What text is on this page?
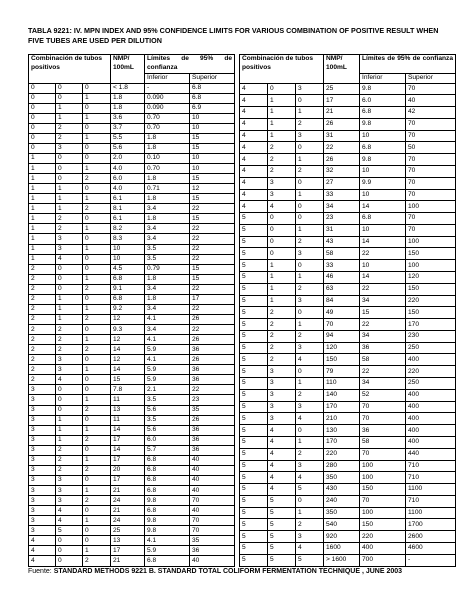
TABLA 9221: IV. MPN INDEX AND 95% CONFIDENCE LIMITS FOR VARIOUS COMBINATION OF POSITIVE RESULT WHEN FIVE TUBES ARE USED PER DILUTION
Combinación de tubos positivos			NMP/ 100mL	Límites de 95% de confianza	
				Inferior	Superior
0	0	0	< 1.8	-	6.8
0	0	1	1.8	0.090	6.8
0	1	0	1.8	0.090	6.9
0	1	1	3.6	0.70	10
0	2	0	3.7	0.70	10
0	2	1	5.5	1.8	15
0	3	0	5.6	1.8	15
1	0	0	2.0	0.10	10
1	0	1	4.0	0.70	10
1	0	2	6.0	1.8	15
1	1	0	4.0	0.71	12
1	1	1	6.1	1.8	15
1	1	2	8.1	3.4	22
1	2	0	6.1	1.8	15
1	2	1	8.2	3.4	22
1	3	0	8.3	3.4	22
1	3	1	10	3.5	22
1	4	0	10	3.5	22
2	0	0	4.5	0.79	15
2	0	1	6.8	1.8	15
2	0	2	9.1	3.4	22
2	1	0	6.8	1.8	17
2	1	1	9.2	3.4	22
2	1	2	12	4.1	26
2	2	0	9.3	3.4	22
2	2	1	12	4.1	26
2	2	2	14	5.9	36
2	3	0	12	4.1	26
2	3	1	14	5.9	36
2	4	0	15	5.9	36
3	0	0	7.8	2.1	22
3	0	1	11	3.5	23
3	0	2	13	5.6	35
3	1	0	11	3.5	26
3	1	1	14	5.6	36
3	1	2	17	6.0	36
3	2	0	14	5.7	36
3	2	1	17	6.8	40
3	2	2	20	6.8	40
3	3	0	17	6.8	40
3	3	1	21	6.8	40
3	3	2	24	9.8	70
3	4	0	21	6.8	40
3	4	1	24	9.8	70
3	5	0	25	9.8	70
4	0	0	13	4.1	35
4	0	1	17	5.9	36
4	0	2	21	6.8	40
Combinación de tubos positivos			NMP/ 100mL	Límites de 95% de confianza	
				Inferior	Superior
4	0	3	25	9.8	70
4	1	0	17	6.0	40
4	1	1	21	6.8	42
4	1	2	26	9.8	70
4	1	3	31	10	70
4	2	0	22	6.8	50
4	2	1	26	9.8	70
4	2	2	32	10	70
4	3	0	27	9.9	70
4	3	1	33	10	70
4	4	0	34	14	100
5	0	0	23	6.8	70
5	0	1	31	10	70
5	0	2	43	14	100
5	0	3	58	22	150
5	1	0	33	10	100
5	1	1	46	14	120
5	1	2	63	22	150
5	1	3	84	34	220
5	2	0	49	15	150
5	2	1	70	22	170
5	2	2	94	34	230
5	2	3	120	36	250
5	2	4	150	58	400
5	3	0	79	22	220
5	3	1	110	34	250
5	3	2	140	52	400
5	3	3	170	70	400
5	3	4	210	70	400
5	4	0	130	36	400
5	4	1	170	58	400
5	4	2	220	70	440
5	4	3	280	100	710
5	4	4	350	100	710
5	4	5	430	150	1100
5	5	0	240	70	710
5	5	1	350	100	1100
5	5	2	540	150	1700
5	5	3	920	220	2600
5	5	4	1600	400	4600
5	5	5	> 1600	700	-
Fuente: STANDARD METHODS 9221 B. STANDARD TOTAL COLIFORM FERMENTATION TECHNIQUE , JUNE 2003
